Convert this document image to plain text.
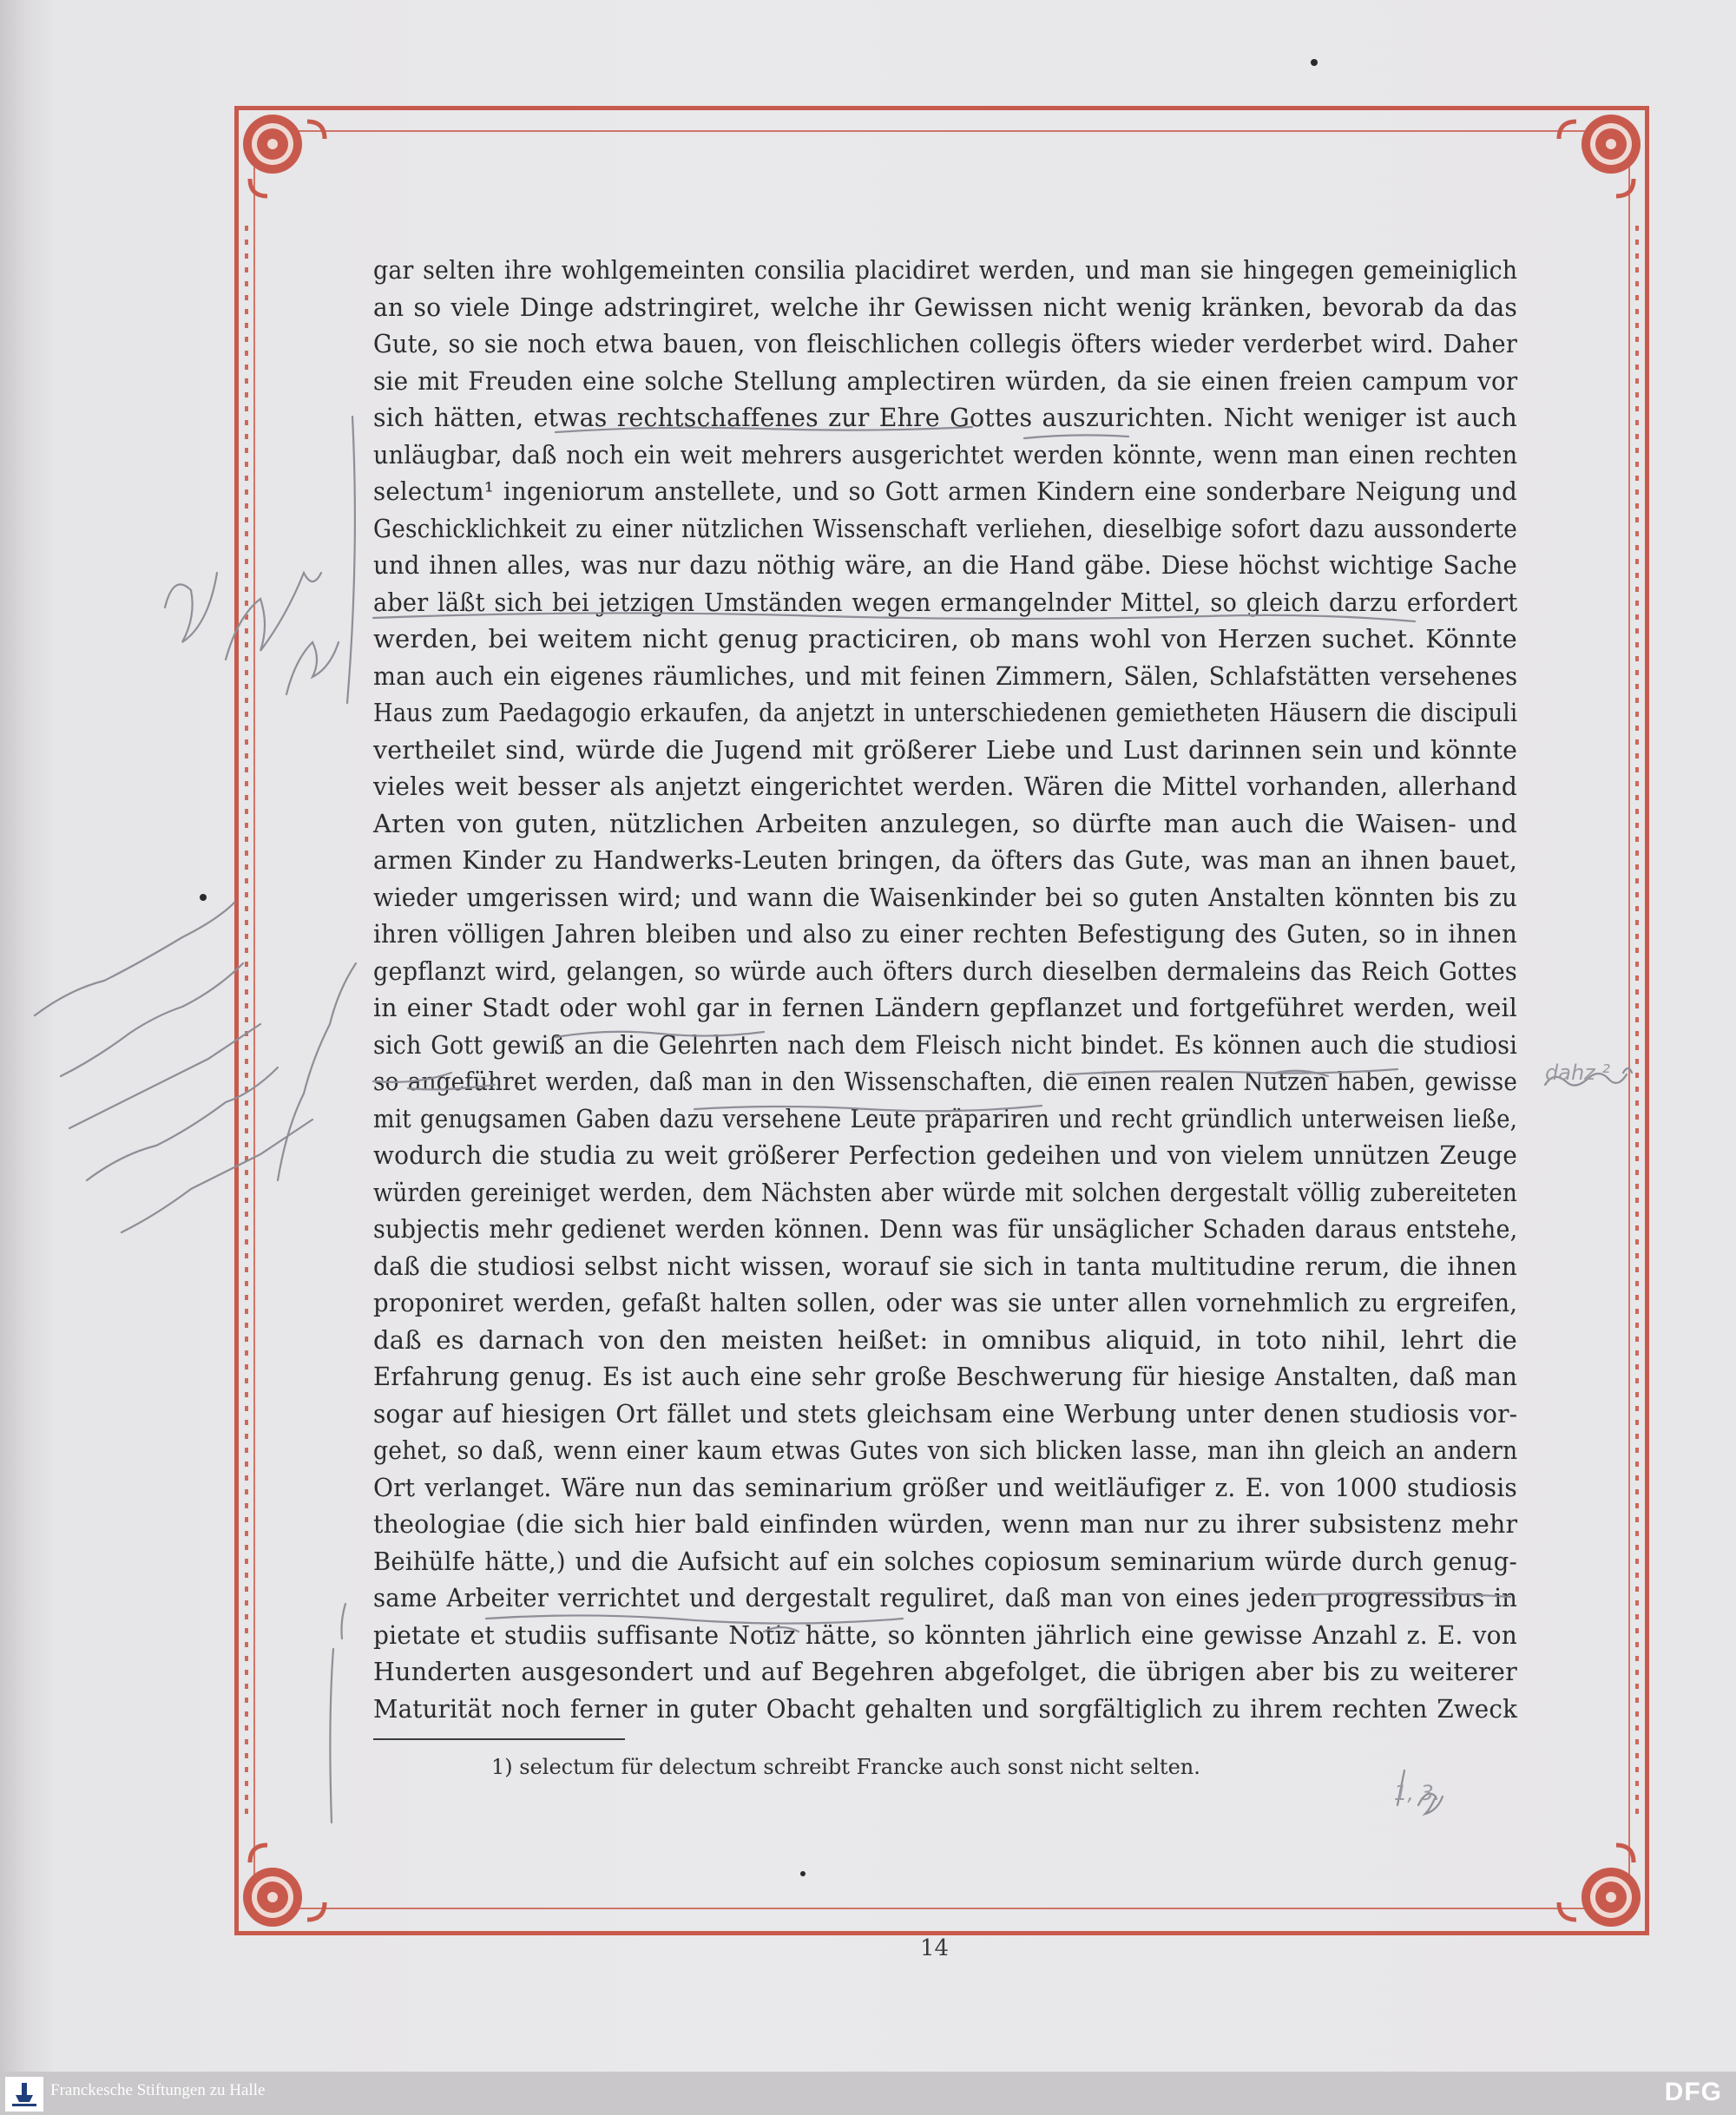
gar selten ihre wohlgemeinten consilia placidiret werden, und man sie hingegen gemeiniglich
an so viele Dinge adstringiret, welche ihr Gewissen nicht wenig kränken, bevorab da das
Gute, so sie noch etwa bauen, von fleischlichen collegis öfters wieder verderbet wird. Daher
sie mit Freuden eine solche Stellung amplectiren würden, da sie einen freien campum vor
sich hätten, etwas rechtschaffenes zur Ehre Gottes auszurichten. Nicht weniger ist auch
unläugbar, daß noch ein weit mehrers ausgerichtet werden könnte, wenn man einen rechten
selectum¹ ingeniorum anstellete, und so Gott armen Kindern eine sonderbare Neigung und
Geschicklichkeit zu einer nützlichen Wissenschaft verliehen, dieselbige sofort dazu aussonderte
und ihnen alles, was nur dazu nöthig wäre, an die Hand gäbe. Diese höchst wichtige Sache
aber läßt sich bei jetzigen Umständen wegen ermangelnder Mittel, so gleich darzu erfordert
werden, bei weitem nicht genug practiciren, ob mans wohl von Herzen suchet. Könnte
man auch ein eigenes räumliches, und mit feinen Zimmern, Sälen, Schlafstätten versehenes
Haus zum Paedagogio erkaufen, da anjetzt in unterschiedenen gemietheten Häusern die discipuli
vertheilet sind, würde die Jugend mit größerer Liebe und Lust darinnen sein und könnte
vieles weit besser als anjetzt eingerichtet werden. Wären die Mittel vorhanden, allerhand
Arten von guten, nützlichen Arbeiten anzulegen, so dürfte man auch die Waisen- und
armen Kinder zu Handwerks-Leuten bringen, da öfters das Gute, was man an ihnen bauet,
wieder umgerissen wird; und wann die Waisenkinder bei so guten Anstalten könnten bis zu
ihren völligen Jahren bleiben und also zu einer rechten Befestigung des Guten, so in ihnen
gepflanzt wird, gelangen, so würde auch öfters durch dieselben dermaleins das Reich Gottes
in einer Stadt oder wohl gar in fernen Ländern gepflanzet und fortgeführet werden, weil
sich Gott gewiß an die Gelehrten nach dem Fleisch nicht bindet. Es können auch die studiosi
so angeführet werden, daß man in den Wissenschaften, die einen realen Nutzen haben, gewisse
mit genugsamen Gaben dazu versehene Leute präpariren und recht gründlich unterweisen ließe,
wodurch die studia zu weit größerer Perfection gedeihen und von vielem unnützen Zeuge
würden gereiniget werden, dem Nächsten aber würde mit solchen dergestalt völlig zubereiteten
subjectis mehr gedienet werden können. Denn was für unsäglicher Schaden daraus entstehe,
daß die studiosi selbst nicht wissen, worauf sie sich in tanta multitudine rerum, die ihnen
proponiret werden, gefaßt halten sollen, oder was sie unter allen vornehmlich zu ergreifen,
daß es darnach von den meisten heißet: in omnibus aliquid, in toto nihil, lehrt die
Erfahrung genug. Es ist auch eine sehr große Beschwerung für hiesige Anstalten, daß man
sogar auf hiesigen Ort fället und stets gleichsam eine Werbung unter denen studiosis vor-
gehet, so daß, wenn einer kaum etwas Gutes von sich blicken lasse, man ihn gleich an andern
Ort verlanget. Wäre nun das seminarium größer und weitläufiger z. E. von 1000 studiosis
theologiae (die sich hier bald einfinden würden, wenn man nur zu ihrer subsistenz mehr
Beihülfe hätte,) und die Aufsicht auf ein solches copiosum seminarium würde durch genug-
same Arbeiter verrichtet und dergestalt reguliret, daß man von eines jeden progressibus in
pietate et studiis suffisante Notiz hätte, so könnten jährlich eine gewisse Anzahl z. E. von
Hunderten ausgesondert und auf Begehren abgefolget, die übrigen aber bis zu weiterer
Maturität noch ferner in guter Obacht gehalten und sorgfältiglich zu ihrem rechten Zweck
1) selectum für delectum schreibt Francke auch sonst nicht selten.
14
dahz ²
1, 3.
Franckesche Stiftungen zu Halle	DFG
